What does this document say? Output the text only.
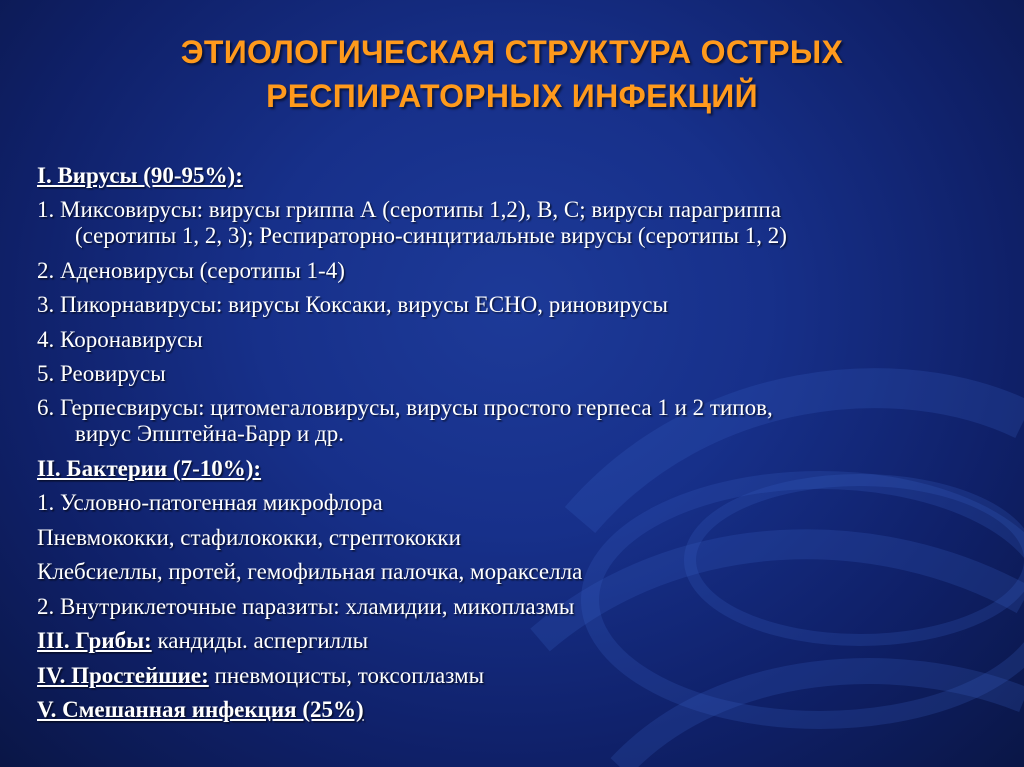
ЭТИОЛОГИЧЕСКАЯ СТРУКТУРА ОСТРЫХ
РЕСПИРАТОРНЫХ ИНФЕКЦИЙ
I. Вирусы (90-95%):
1. Миксовирусы: вирусы гриппа А (серотипы 1,2), В, С; вирусы парагриппа
(серотипы 1, 2, 3); Респираторно-синцитиальные вирусы (серотипы 1, 2)
2. Аденовирусы (серотипы 1-4)
3. Пикорнавирусы: вирусы Коксаки, вирусы ЕСНО, риновирусы
4. Коронавирусы
5. Реовирусы
6. Герпесвирусы: цитомегаловирусы, вирусы простого герпеса 1 и 2 типов,
вирус Эпштейна-Барр и др.
II. Бактерии (7-10%):
1. Условно-патогенная микрофлора
Пневмококки, стафилококки, стрептококки
Клебсиеллы, протей, гемофильная палочка, моракселла
2. Внутриклеточные паразиты: хламидии, микоплазмы
III. Грибы: кандиды. аспергиллы
IV. Простейшие: пневмоцисты, токсоплазмы
V. Смешанная инфекция (25%)
